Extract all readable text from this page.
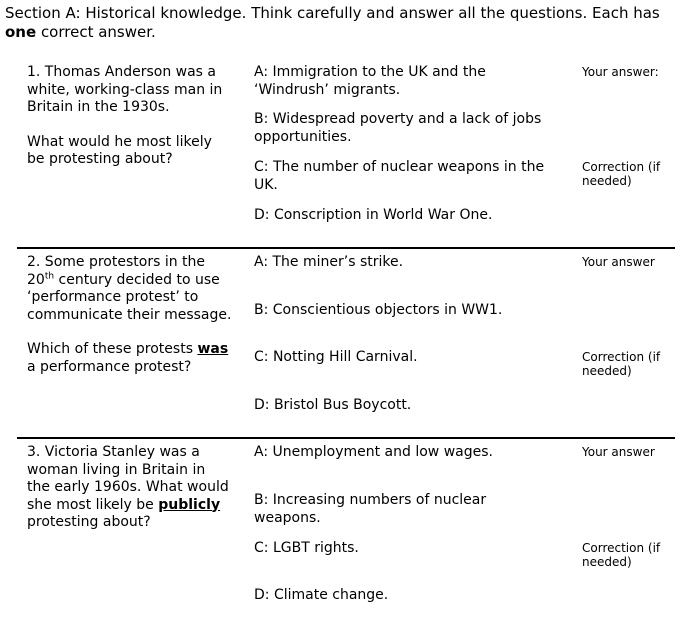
Section A: Historical knowledge. Think carefully and answer all the questions. Each has one correct answer.

1. Thomas Anderson was a white, working-class man in Britain in the 1930s.

What would he most likely be protesting about?

A: Immigration to the UK and the ‘Windrush’ migrants.
B: Widespread poverty and a lack of jobs opportunities.
C: The number of nuclear weapons in the UK.
D: Conscription in World War One.
Your answer:
Correction (if needed)

2. Some protestors in the 20th century decided to use ‘performance protest’ to communicate their message.

Which of these protests was a performance protest?

A: The miner’s strike.
B: Conscientious objectors in WW1.
C: Notting Hill Carnival.
D: Bristol Bus Boycott.
Your answer
Correction (if needed)

3. Victoria Stanley was a woman living in Britain in the early 1960s. What would she most likely be publicly protesting about?

A: Unemployment and low wages.
B: Increasing numbers of nuclear weapons.
C: LGBT rights.
D: Climate change.
Your answer
Correction (if needed)
